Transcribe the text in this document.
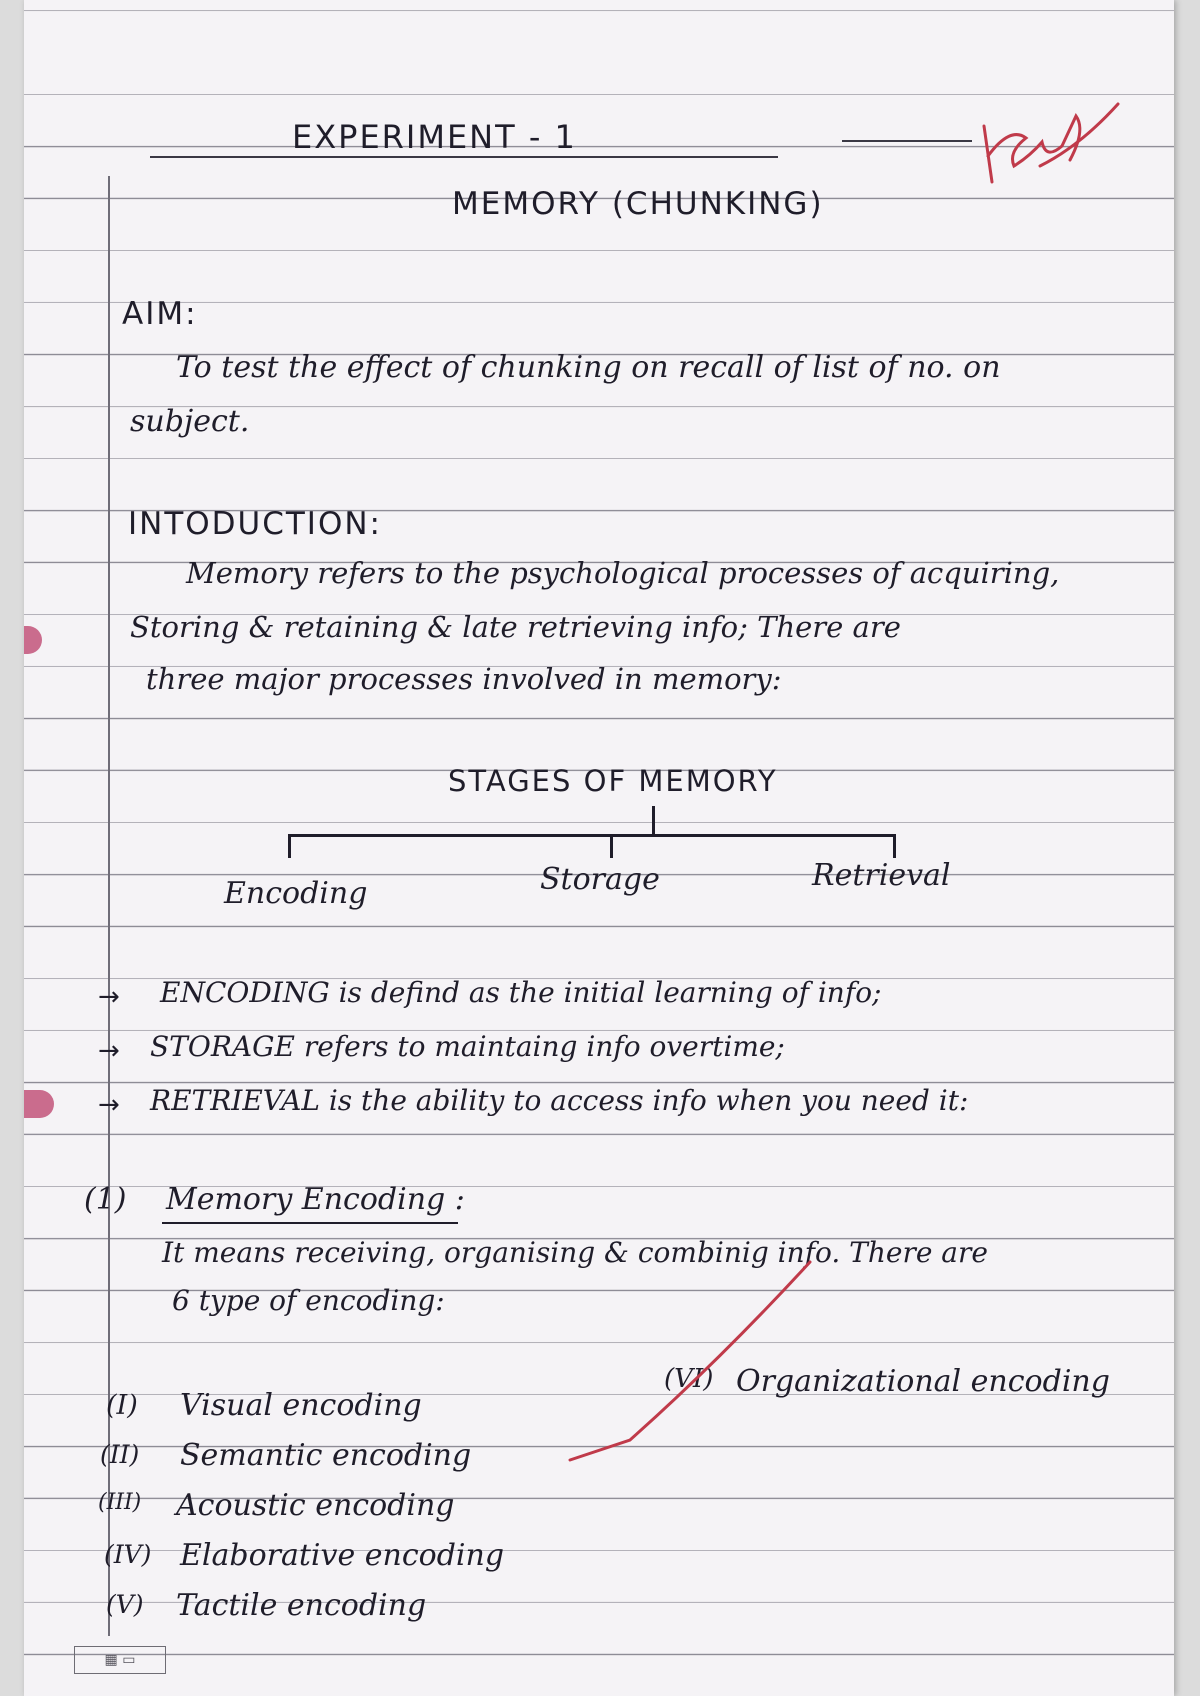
EXPERIMENT - 1
MEMORY (CHUNKING)
AIM:
To test the effect of chunking on recall of list of no. on
subject.
INTODUCTION:
Memory refers to the psychological processes of acquiring,
Storing & retaining & late retrieving info; There are
three major processes involved in memory:
STAGES OF MEMORY
Encoding	Storage	Retrieval
→ ENCODING is defind as the initial learning of info;
→ STORAGE refers to maintaing info overtime;
→ RETRIEVAL is the ability to access info when you need it:
(1) Memory Encoding :
It means receiving, organising & combinig info. There are
6 type of encoding:
(I) Visual encoding
(II) Semantic encoding
(III) Acoustic encoding
(IV) Elaborative encoding
(V) Tactile encoding
(VI) Organizational encoding
▦ ▭
